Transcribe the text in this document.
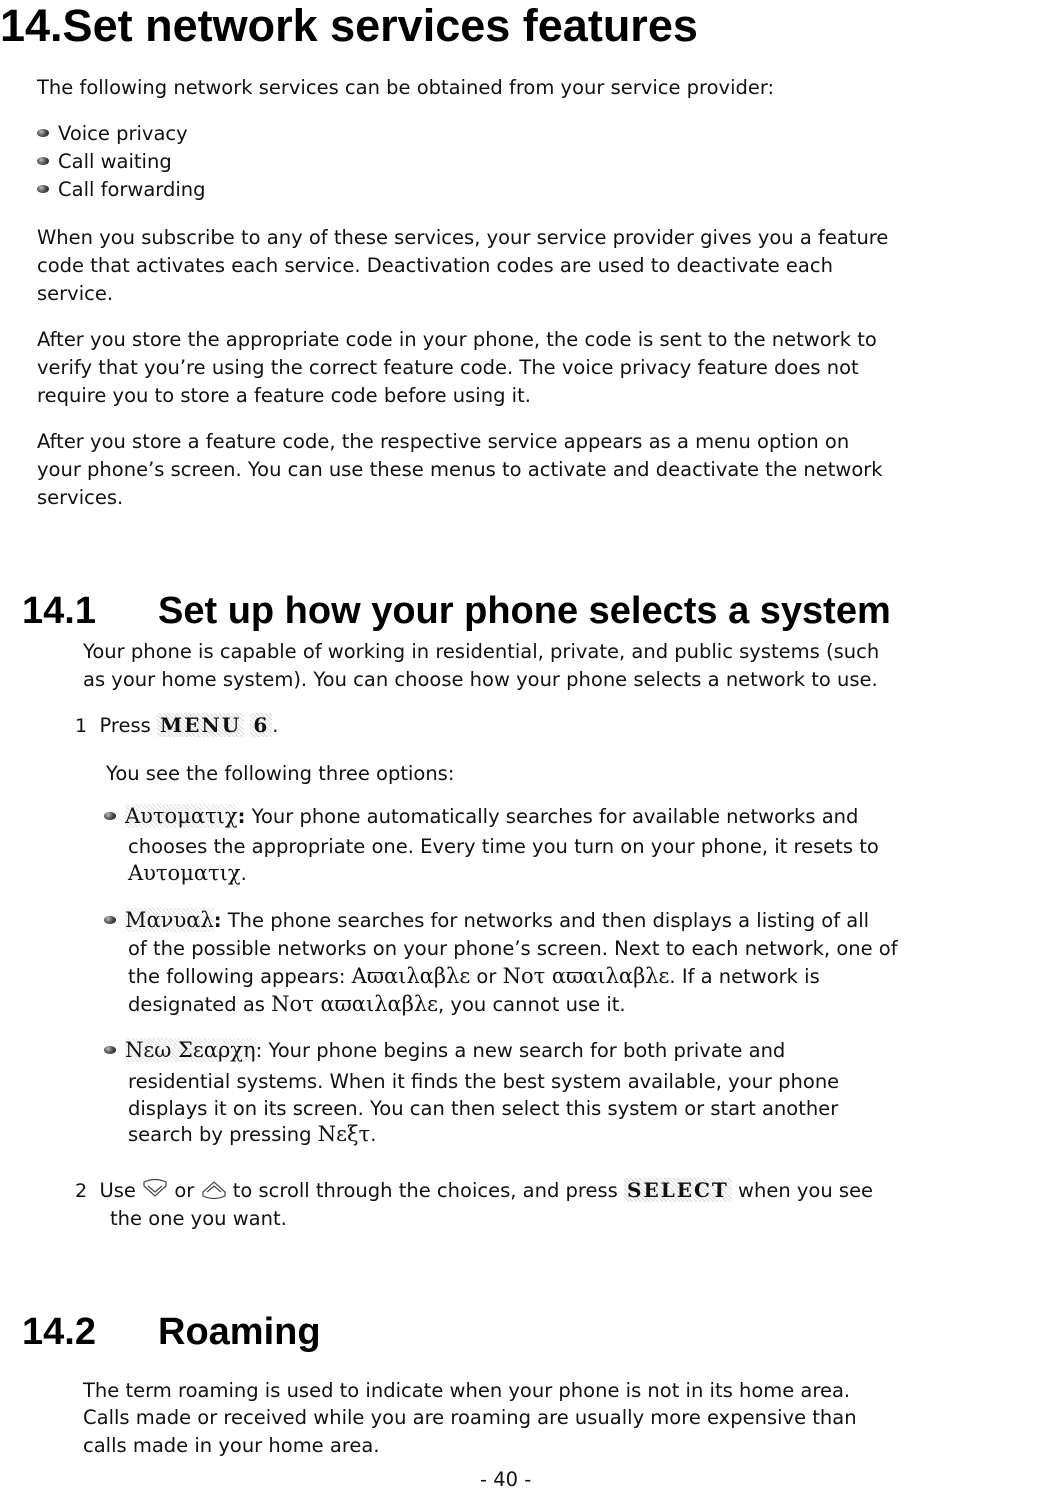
14.Set network services features
The following network services can be obtained from your service provider:
Voice privacy
Call waiting
Call forwarding
When you subscribe to any of these services, your service provider gives you a feature
code that activates each service. Deactivation codes are used to deactivate each
service.
After you store the appropriate code in your phone, the code is sent to the network to
verify that you’re using the correct feature code. The voice privacy feature does not
require you to store a feature code before using it.
After you store a feature code, the respective service appears as a menu option on
your phone’s screen. You can use these menus to activate and deactivate the network
services.
14.1 Set up how your phone selects a system
Your phone is capable of working in residential, private, and public systems (such
as your home system). You can choose how your phone selects a network to use.
1 Press MENU 6 .
You see the following three options:
Αυτοματιχ: Your phone automatically searches for available networks and
chooses the appropriate one. Every time you turn on your phone, it resets to
Αυτοματιχ.
Μανυαλ: The phone searches for networks and then displays a listing of all
of the possible networks on your phone’s screen. Next to each network, one of
the following appears: Αϖαιλαβλε or Νοτ αϖαιλαβλε. If a network is
designated as Νοτ αϖαιλαβλε, you cannot use it.
Νεω Σεαρχη: Your phone begins a new search for both private and
residential systems. When it finds the best system available, your phone
displays it on its screen. You can then select this system or start another
search by pressing Νεξτ.
2 Use or to scroll through the choices, and press SELECT when you see
the one you want.
14.2 Roaming
The term roaming is used to indicate when your phone is not in its home area.
Calls made or received while you are roaming are usually more expensive than
calls made in your home area.
- 40 -
